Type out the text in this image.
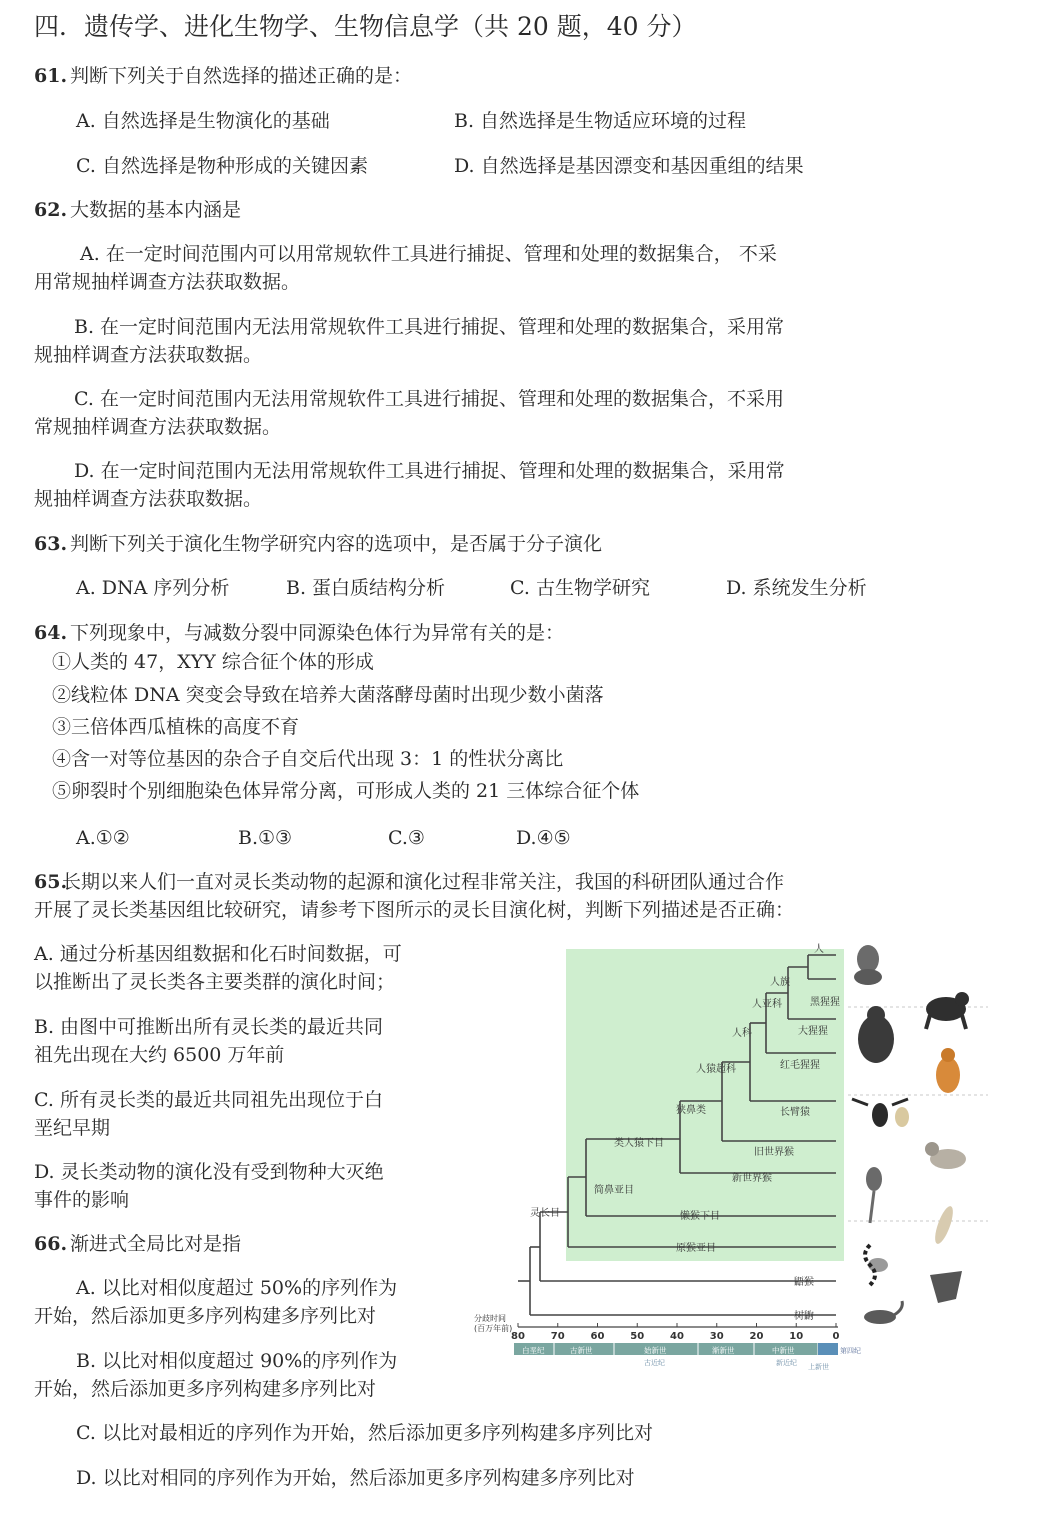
四．遗传学、进化生物学、生物信息学（共 20 题，40 分）
61. 判断下列关于自然选择的描述正确的是：
A. 自然选择是生物演化的基础	B. 自然选择是生物适应环境的过程
C. 自然选择是物种形成的关键因素	D. 自然选择是基因漂变和基因重组的结果
62. 大数据的基本内涵是
A. 在一定时间范围内可以用常规软件工具进行捕捉、管理和处理的数据集合， 不采
用常规抽样调查方法获取数据。
B. 在一定时间范围内无法用常规软件工具进行捕捉、管理和处理的数据集合，采用常
规抽样调查方法获取数据。
C. 在一定时间范围内无法用常规软件工具进行捕捉、管理和处理的数据集合，不采用
常规抽样调查方法获取数据。
D. 在一定时间范围内无法用常规软件工具进行捕捉、管理和处理的数据集合，采用常
规抽样调查方法获取数据。
63. 判断下列关于演化生物学研究内容的选项中，是否属于分子演化
A. DNA 序列分析	B. 蛋白质结构分析	C. 古生物学研究	D. 系统发生分析
64. 下列现象中，与减数分裂中同源染色体行为异常有关的是：
①人类的 47，XYY 综合征个体的形成
②线粒体 DNA 突变会导致在培养大菌落酵母菌时出现少数小菌落
③三倍体西瓜植株的高度不育
④含一对等位基因的杂合子自交后代出现 3：1 的性状分离比
⑤卵裂时个别细胞染色体异常分离，可形成人类的 21 三体综合征个体
A.①②	B.①③	C.③	D.④⑤
65.
长期以来人们一直对灵长类动物的起源和演化过程非常关注，我国的科研团队通过合作
开展了灵长类基因组比较研究，请参考下图所示的灵长目演化树，判断下列描述是否正确：
A. 通过分析基因组数据和化石时间数据，可
以推断出了灵长类各主要类群的演化时间；
B. 由图中可推断出所有灵长类的最近共同
祖先出现在大约 6500 万年前
C. 所有灵长类的最近共同祖先出现位于白
垩纪早期
D. 灵长类动物的演化没有受到物种大灭绝
事件的影响
66. 渐进式全局比对是指
A. 以比对相似度超过 50%的序列作为
开始，然后添加更多序列构建多序列比对
B. 以比对相似度超过 90%的序列作为
开始，然后添加更多序列构建多序列比对
C. 以比对最相近的序列作为开始，然后添加更多序列构建多序列比对
D. 以比对相同的序列作为开始，然后添加更多序列构建多序列比对
人
黑猩猩
大猩猩
红毛猩猩
长臂猿
旧世界猴
新世界猴
懒猴下目
原猴亚目
鼯猴
树鼩
人族
人亚科
人科
人猿超科
狭鼻类
类人猿下目
简鼻亚目
灵长目
分歧时间
(百万年前)
80	70	60	50	40	30	20	10	0
白垩纪	古新世	始新世	渐新世	中新世	第四纪
古近纪	新近纪 上新世
